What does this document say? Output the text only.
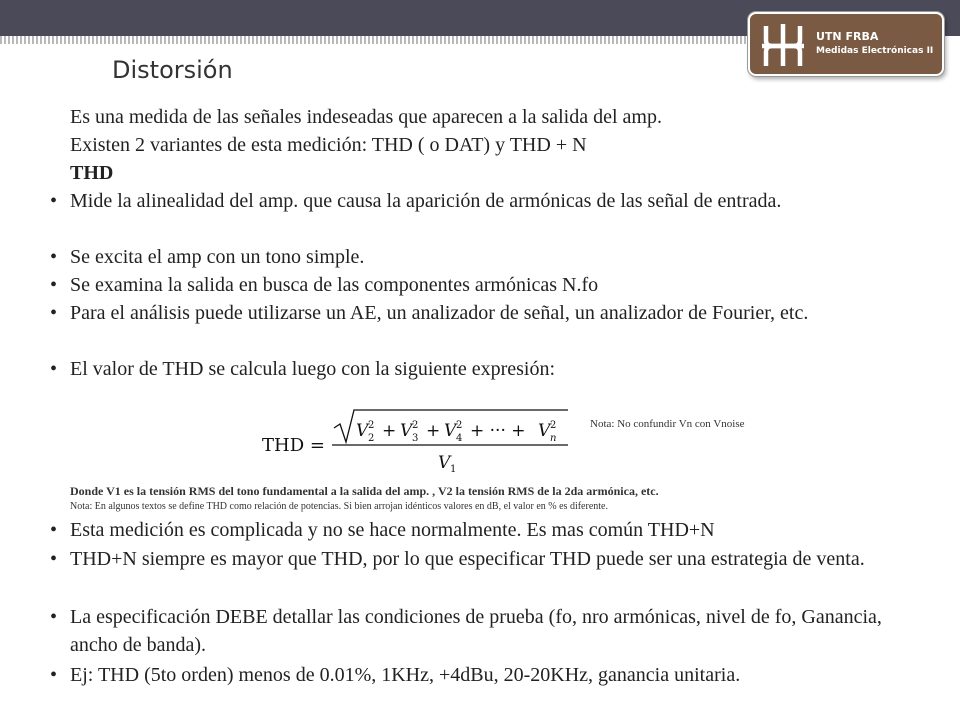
UTN FRBA
Medidas Electrónicas II
Distorsión

Es una medida de las señales indeseadas que aparecen a la salida del amp.

Existen 2 variantes de esta medición: THD ( o DAT) y THD + N

THD

• Mide la alinealidad del amp. que causa la aparición de armónicas de las señal de entrada.
• Se excita el amp con un tono simple.
• Se examina la salida en busca de las componentes armónicas N.fo
• Para el análisis puede utilizarse un AE, un analizador de señal, un analizador de Fourier, etc.
• El valor de THD se calcula luego con la siguiente expresión:
THD =
V 2
2 + V 3
2 + V 4
2 + ··· + V n
2
V 1

Nota: No confundir Vn con Vnoise

Donde V1 es la tensión RMS del tono fundamental a la salida del amp. , V2 la tensión RMS de la 2da armónica, etc.

Nota: En algunos textos se define THD como relación de potencias. Si bien arrojan idénticos valores en dB, el valor en % es diferente.

• Esta medición es complicada y no se hace normalmente. Es mas común THD+N
• THD+N siempre es mayor que THD, por lo que especificar THD puede ser una estrategia de venta.
• La especificación DEBE detallar las condiciones de prueba (fo, nro armónicas, nivel de fo, Ganancia, ancho de banda).
• Ej: THD (5to orden) menos de 0.01%, 1KHz, +4dBu, 20-20KHz, ganancia unitaria.
